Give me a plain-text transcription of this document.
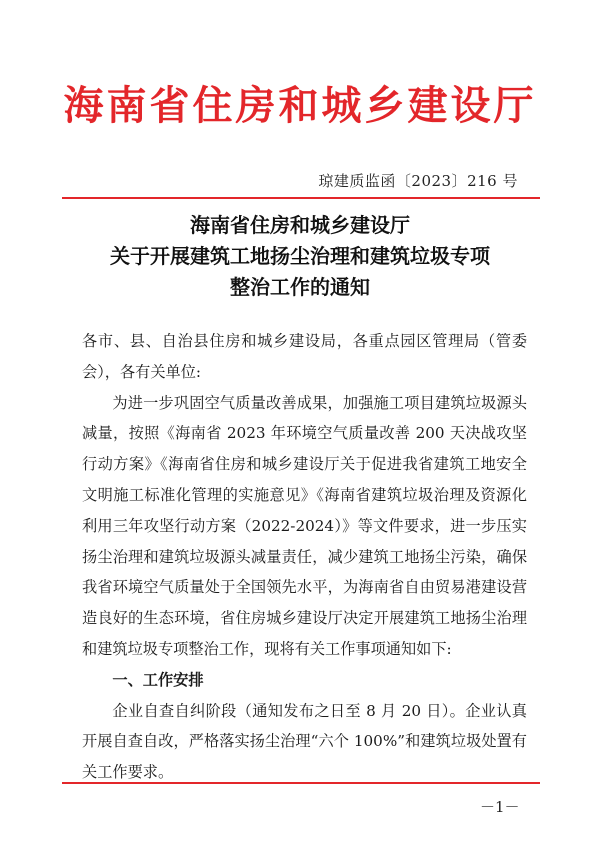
海南省住房和城乡建设厅
琼建质监函〔2023〕216 号
海南省住房和城乡建设厅
关于开展建筑工地扬尘治理和建筑垃圾专项
整治工作的通知

各市、县、自治县住房和城乡建设局，各重点园区管理局（管委会），各有关单位:

为进一步巩固空气质量改善成果，加强施工项目建筑垃圾源头减量，按照《海南省 2023 年环境空气质量改善 200 天决战攻坚行动方案》《海南省住房和城乡建设厅关于促进我省建筑工地安全文明施工标准化管理的实施意见》《海南省建筑垃圾治理及资源化利用三年攻坚行动方案（2022-2024）》等文件要求，进一步压实扬尘治理和建筑垃圾源头减量责任，减少建筑工地扬尘污染，确保我省环境空气质量处于全国领先水平，为海南省自由贸易港建设营造良好的生态环境，省住房城乡建设厅决定开展建筑工地扬尘治理和建筑垃圾专项整治工作，现将有关工作事项通知如下:

一、工作安排

企业自查自纠阶段（通知发布之日至 8 月 20 日）。企业认真开展自查自改，严格落实扬尘治理“六个 100%”和建筑垃圾处置有关工作要求。

－1－
